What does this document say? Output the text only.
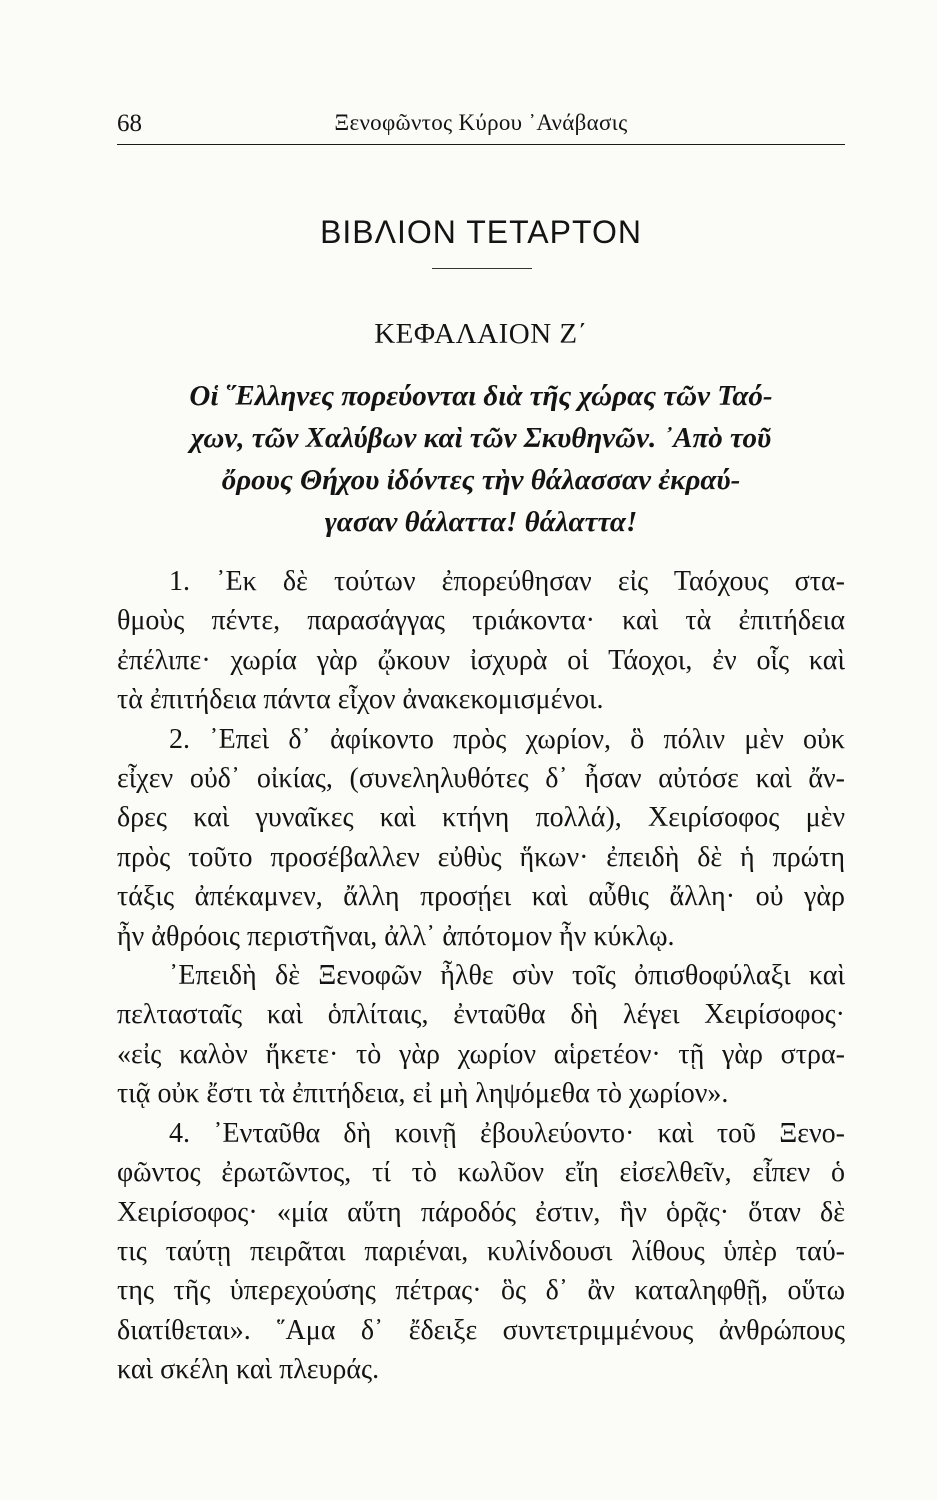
68	Ξενοφῶντος Κύρου ᾿Ανάβασις
ΒΙΒΛΙΟΝ ΤΕΤΑΡΤΟΝ
ΚΕΦΑΛΑΙΟΝ Ζ΄
Οἱ ῞Ελληνες πορεύονται διὰ τῆς χώρας τῶν Ταό-
χων, τῶν Χαλύβων καὶ τῶν Σκυθηνῶν. ᾿Απὸ τοῦ
ὄρους Θήχου ἰδόντες τὴν θάλασσαν ἐκραύ-
γασαν θάλαττα! θάλαττα!
1. ᾿Εκ δὲ τούτων ἐπορεύθησαν εἰς Ταόχους στα-
θμοὺς πέντε, παρασάγγας τριάκοντα· καὶ τὰ ἐπιτήδεια
ἐπέλιπε· χωρία γὰρ ᾤκουν ἰσχυρὰ οἱ Τάοχοι, ἐν οἷς καὶ
τὰ ἐπιτήδεια πάντα εἶχον ἀνακεκομισμένοι.
2. ᾿Επεὶ δ᾿ ἀφίκοντο πρὸς χωρίον, ὃ πόλιν μὲν οὐκ
εἶχεν οὐδ᾿ οἰκίας, (συνεληλυθότες δ᾿ ἦσαν αὐτόσε καὶ ἄν-
δρες καὶ γυναῖκες καὶ κτήνη πολλά), Χειρίσοφος μὲν
πρὸς τοῦτο προσέβαλλεν εὐθὺς ἥκων· ἐπειδὴ δὲ ἡ πρώτη
τάξις ἀπέκαμνεν, ἄλλη προσῄει καὶ αὖθις ἄλλη· οὐ γὰρ
ἦν ἀθρόοις περιστῆναι, ἀλλ᾿ ἀπότομον ἦν κύκλῳ.
᾿Επειδὴ δὲ Ξενοφῶν ἦλθε σὺν τοῖς ὀπισθοφύλαξι καὶ
πελτασταῖς καὶ ὁπλίταις, ἐνταῦθα δὴ λέγει Χειρίσοφος·
«εἰς καλὸν ἥκετε· τὸ γὰρ χωρίον αἱρετέον· τῇ γὰρ στρα-
τιᾷ οὐκ ἔστι τὰ ἐπιτήδεια, εἰ μὴ ληψόμεθα τὸ χωρίον».
4. ᾿Ενταῦθα δὴ κοινῇ ἐβουλεύοντο· καὶ τοῦ Ξενο-
φῶντος ἐρωτῶντος, τί τὸ κωλῦον εἴη εἰσελθεῖν, εἶπεν ὁ
Χειρίσοφος· «μία αὕτη πάροδός ἐστιν, ἣν ὁρᾷς· ὅταν δὲ
τις ταύτῃ πειρᾶται παριέναι, κυλίνδουσι λίθους ὑπὲρ ταύ-
της τῆς ὑπερεχούσης πέτρας· ὃς δ᾿ ἂν καταληφθῇ, οὕτω
διατίθεται». ῞Αμα δ᾿ ἔδειξε συντετριμμένους ἀνθρώπους
καὶ σκέλη καὶ πλευράς.
